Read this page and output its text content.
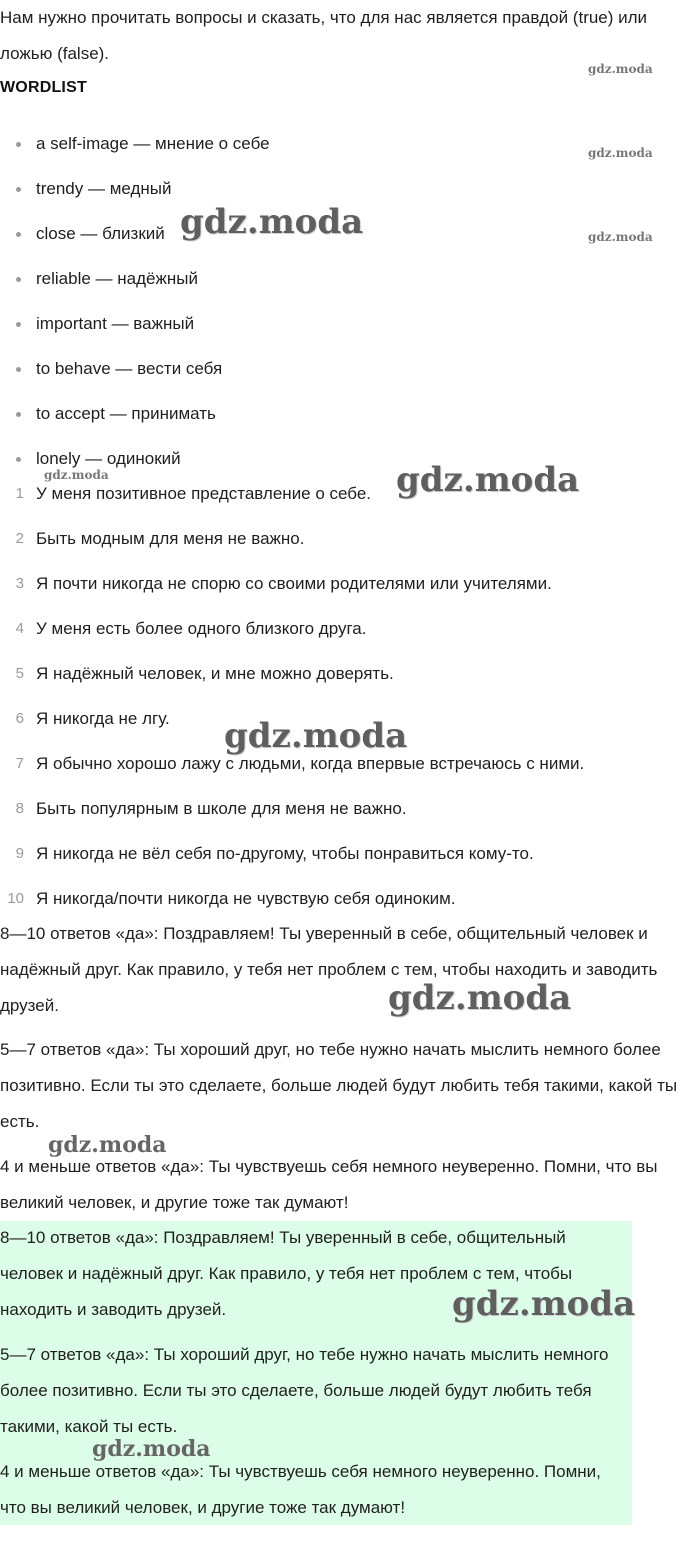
Нам нужно прочитать вопросы и сказать, что для нас является правдой (true) или ложью (false).

WORDLIST
a self-image — мнение о себе
trendy — медный
close — близкий
reliable — надёжный
important — важный
to behave — вести себя
to accept — принимать
lonely — одинокий
1 У меня позитивное представление о себе.
2 Быть модным для меня не важно.
3 Я почти никогда не спорю со своими родителями или учителями.
4 У меня есть более одного близкого друга.
5 Я надёжный человек, и мне можно доверять.
6 Я никогда не лгу.
7 Я обычно хорошо лажу с людьми, когда впервые встречаюсь с ними.
8 Быть популярным в школе для меня не важно.
9 Я никогда не вёл себя по-другому, чтобы понравиться кому-то.
10 Я никогда/почти никогда не чувствую себя одиноким.

8—10 ответов «да»: Поздравляем! Ты уверенный в себе, общительный человек и надёжный друг. Как правило, у тебя нет проблем с тем, чтобы находить и заводить друзей.

5—7 ответов «да»: Ты хороший друг, но тебе нужно начать мыслить немного более позитивно. Если ты это сделаете, больше людей будут любить тебя такими, какой ты есть.

4 и меньше ответов «да»: Ты чувствуешь себя немного неуверенно. Помни, что вы великий человек, и другие тоже так думают!

8—10 ответов «да»: Поздравляем! Ты уверенный в себе, общительный человек и надёжный друг. Как правило, у тебя нет проблем с тем, чтобы находить и заводить друзей.

5—7 ответов «да»: Ты хороший друг, но тебе нужно начать мыслить немного более позитивно. Если ты это сделаете, больше людей будут любить тебя такими, какой ты есть.

4 и меньше ответов «да»: Ты чувствуешь себя немного неуверенно. Помни, что вы великий человек, и другие тоже так думают!

gdz.moda
gdz.moda
gdz.moda
gdz.moda
gdz.moda	gdz.moda
gdz.moda
gdz.moda
gdz.moda
gdz.moda
gdz.moda
